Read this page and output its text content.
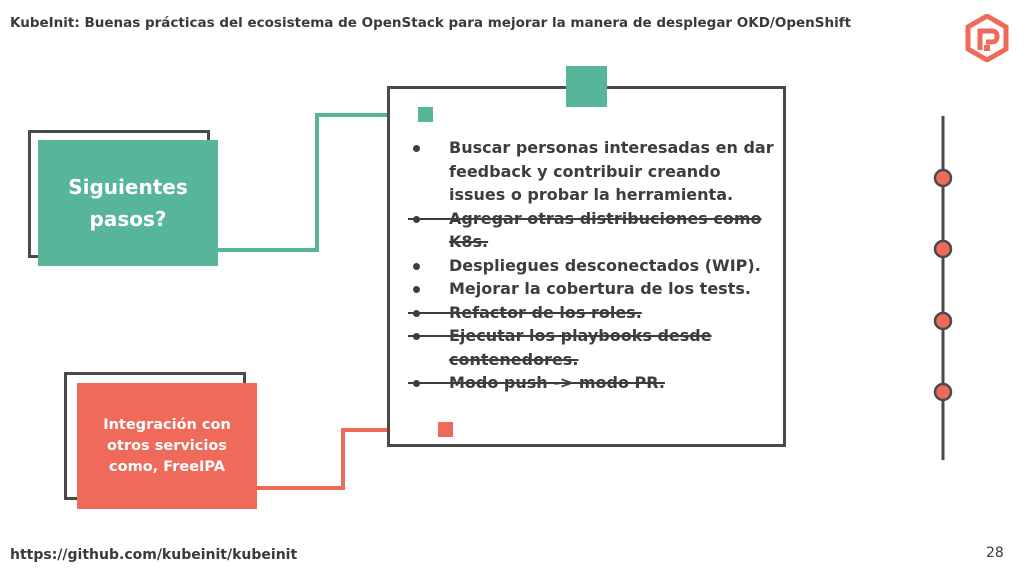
KubeInit: Buenas prácticas del ecosistema de OpenStack para mejorar la manera de desplegar OKD/OpenShift
Siguientes pasos?
Integración con otros servicios como, FreeIPA
Buscar personas interesadas en dar feedback y contribuir creando issues o probar la herramienta.
Agregar otras distribuciones como K8s.
Despliegues desconectados (WIP).
Mejorar la cobertura de los tests.
Refactor de los roles.
Ejecutar los playbooks desde contenedores.
Modo push -> modo PR.
https://github.com/kubeinit/kubeinit	28
